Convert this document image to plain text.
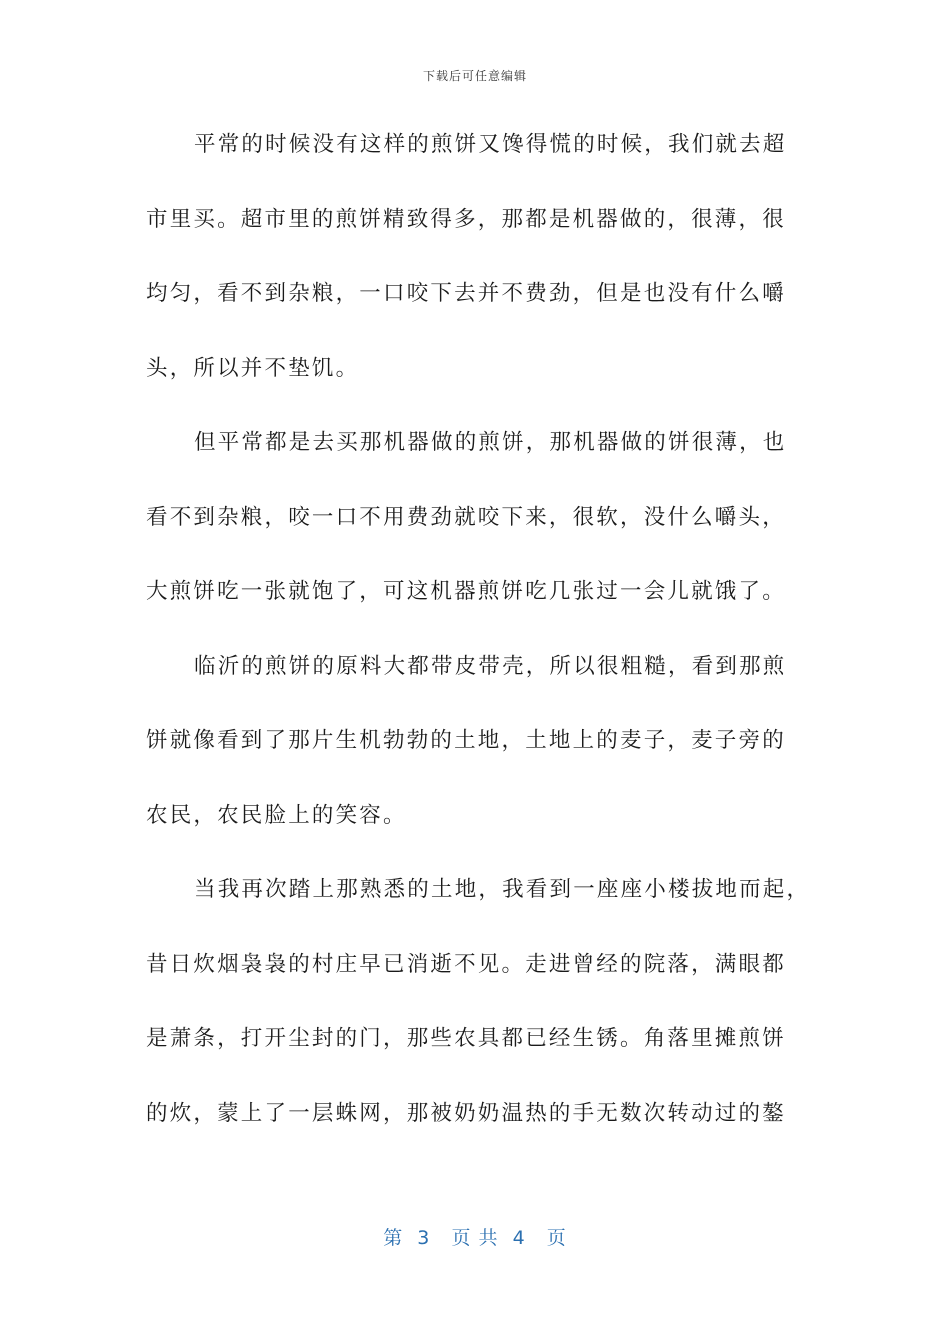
下载后可任意编辑
平常的时候没有这样的煎饼又馋得慌的时候，我们就去超
市里买。超市里的煎饼精致得多，那都是机器做的，很薄，很
均匀，看不到杂粮，一口咬下去并不费劲，但是也没有什么嚼
头，所以并不垫饥。
但平常都是去买那机器做的煎饼，那机器做的饼很薄，也
看不到杂粮，咬一口不用费劲就咬下来，很软，没什么嚼头，
大煎饼吃一张就饱了，可这机器煎饼吃几张过一会儿就饿了。
临沂的煎饼的原料大都带皮带壳，所以很粗糙，看到那煎
饼就像看到了那片生机勃勃的土地，土地上的麦子，麦子旁的
农民，农民脸上的笑容。
当我再次踏上那熟悉的土地，我看到一座座小楼拔地而起，
昔日炊烟袅袅的村庄早已消逝不见。走进曾经的院落，满眼都
是萧条，打开尘封的门，那些农具都已经生锈。角落里摊煎饼
的炊，蒙上了一层蛛网，那被奶奶温热的手无数次转动过的鏊
第  3   页 共  4   页
